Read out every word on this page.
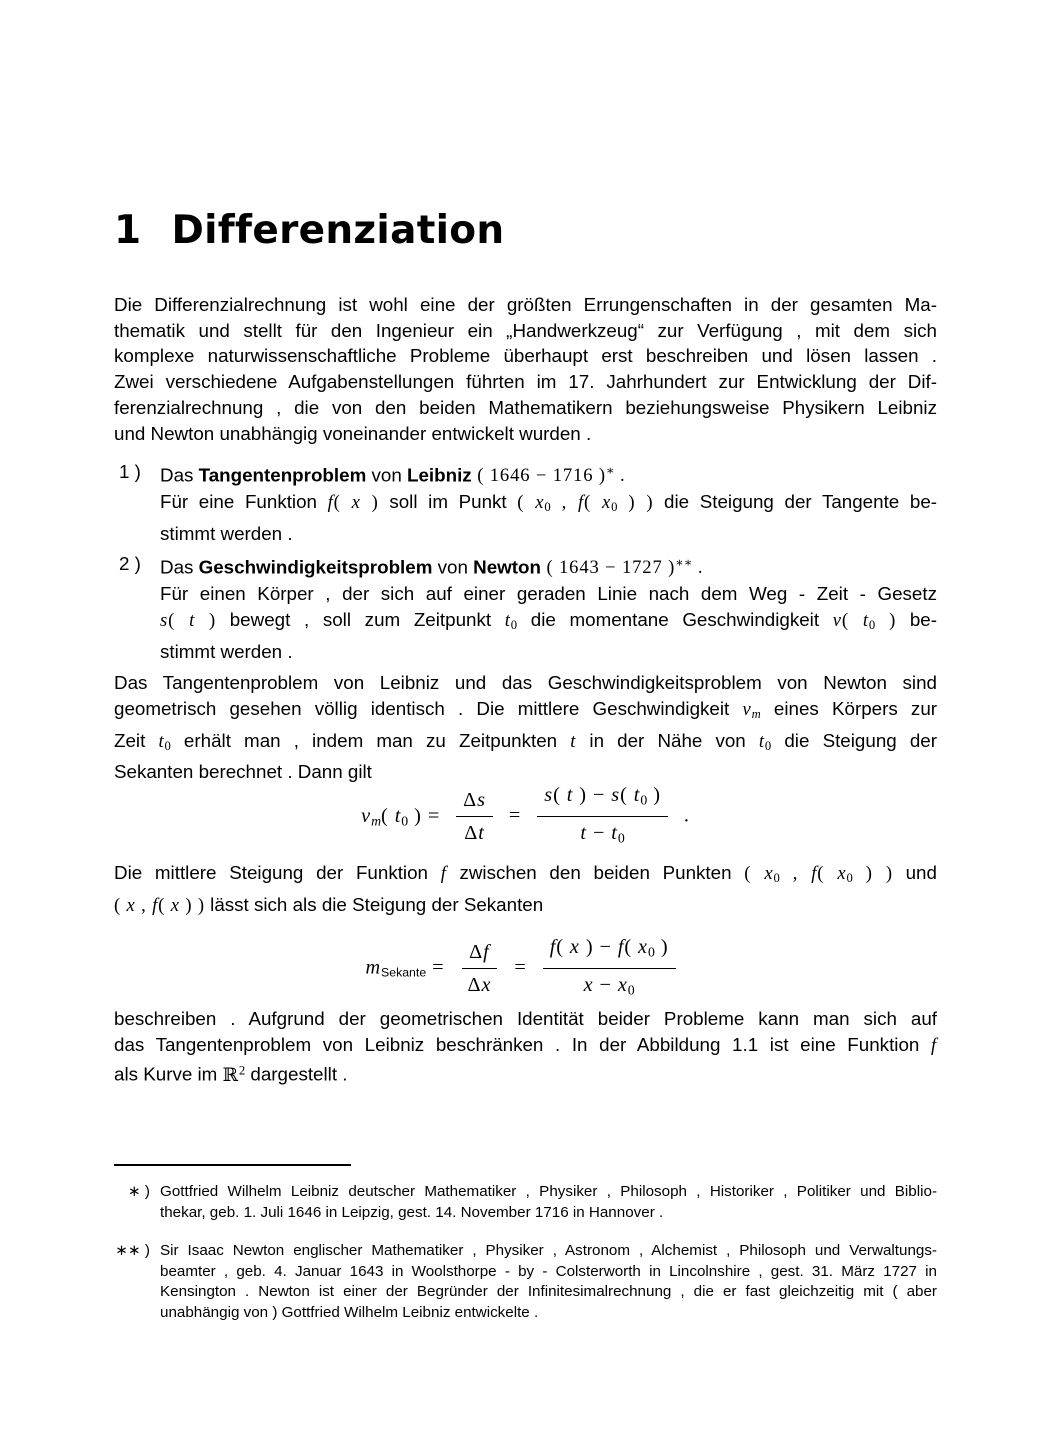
1 Differenziation
Die Differenzialrechnung ist wohl eine der größten Errungenschaften in der gesamten Ma-
thematik und stellt für den Ingenieur ein „Handwerkzeug“ zur Verfügung , mit dem sich
komplexe naturwissenschaftliche Probleme überhaupt erst beschreiben und lösen lassen .
Zwei verschiedene Aufgabenstellungen führten im 17. Jahrhundert zur Entwicklung der Dif-
ferenzialrechnung , die von den beiden Mathematikern beziehungsweise Physikern Leibniz
und Newton unabhängig voneinander entwickelt wurden .
1 )	Das Tangentenproblem von Leibniz ( 1646 − 1716 )∗ .
Für eine Funktion f( x ) soll im Punkt ( $x_0$ , f( $x_0$ ) ) die Steigung der Tangente be-
stimmt werden .
2 )	Das Geschwindigkeitsproblem von Newton ( 1643 − 1727 )∗∗ .
Für einen Körper , der sich auf einer geraden Linie nach dem Weg - Zeit - Gesetz
s( t ) bewegt , soll zum Zeitpunkt $t_0$ die momentane Geschwindigkeit v( $t_0$ ) be-
stimmt werden .
Das Tangentenproblem von Leibniz und das Geschwindigkeitsproblem von Newton sind
geometrisch gesehen völlig identisch . Die mittlere Geschwindigkeit $v_m$ eines Körpers zur
Zeit $t_0$ erhält man , indem man zu Zeitpunkten t in der Nähe von $t_0$ die Steigung der
Sekanten berechnet . Dann gilt
$v_m$( $t_0$ ) = $\frac{\Delta s}{\Delta t} = \frac{s( t ) - s( t_0 )}{t - t_0}$ .
Die mittlere Steigung der Funktion f zwischen den beiden Punkten ( $x_0$ , f( $x_0$ ) ) und
( x , f( x ) ) lässt sich als die Steigung der Sekanten
$m_{Sekante} = \frac{\Delta f}{\Delta x} = \frac{f( x ) - f( x_0 )}{x - x_0}$
beschreiben . Aufgrund der geometrischen Identität beider Probleme kann man sich auf
das Tangentenproblem von Leibniz beschränken . In der Abbildung 1.1 ist eine Funktion f
als Kurve im ℝ$^2$ dargestellt .
∗ ) Gottfried Wilhelm Leibniz deutscher Mathematiker , Physiker , Philosoph , Historiker , Politiker und Biblio-
thekar, geb. 1. Juli 1646 in Leipzig, gest. 14. November 1716 in Hannover .
∗∗ ) Sir Isaac Newton englischer Mathematiker , Physiker , Astronom , Alchemist , Philosoph und Verwaltungs-
beamter , geb. 4. Januar 1643 in Woolsthorpe - by - Colsterworth in Lincolnshire , gest. 31. März 1727 in
Kensington . Newton ist einer der Begründer der Infinitesimalrechnung , die er fast gleichzeitig mit ( aber
unabhängig von ) Gottfried Wilhelm Leibniz entwickelte .
